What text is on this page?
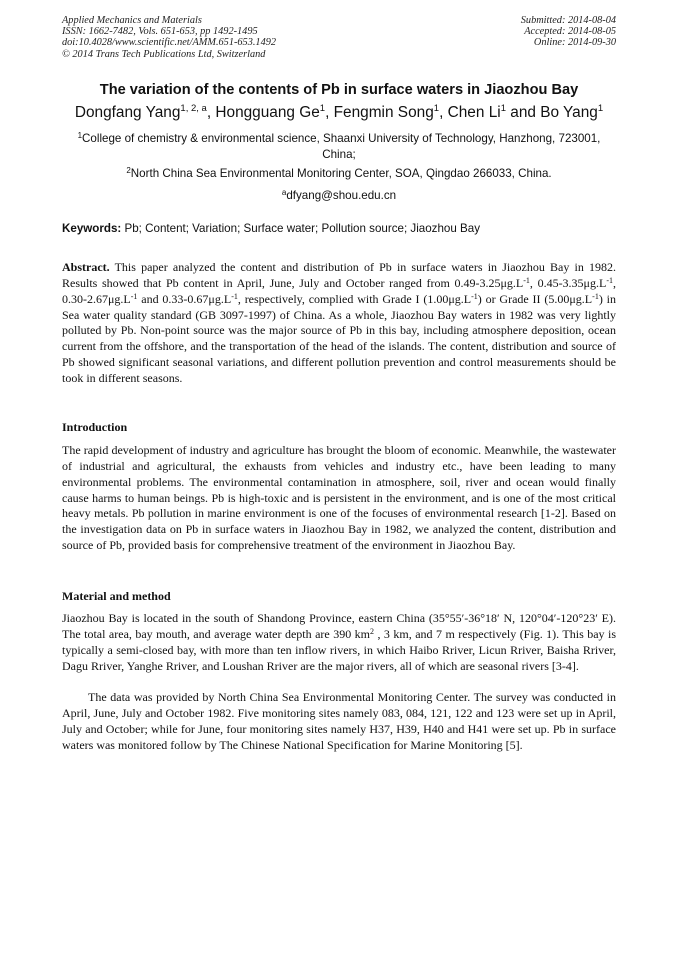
Applied Mechanics and Materials
ISSN: 1662-7482, Vols. 651-653, pp 1492-1495
doi:10.4028/www.scientific.net/AMM.651-653.1492
© 2014 Trans Tech Publications Ltd, Switzerland
Submitted: 2014-08-04
Accepted: 2014-08-05
Online: 2014-09-30
The variation of the contents of Pb in surface waters in Jiaozhou Bay
Dongfang Yang$^{1, 2, a}$, Hongguang Ge$^1$, Fengmin Song$^1$, Chen Li$^1$ and Bo Yang$^1$
$^1$College of chemistry & environmental science, Shaanxi University of Technology, Hanzhong, 723001, China;
$^2$North China Sea Environmental Monitoring Center, SOA, Qingdao 266033, China.
$^a$dfyang@shou.edu.cn
Keywords: Pb; Content; Variation; Surface water; Pollution source; Jiaozhou Bay

Abstract. This paper analyzed the content and distribution of Pb in surface waters in Jiaozhou Bay in 1982. Results showed that Pb content in April, June, July and October ranged from $0.49-3.25\mu g.L^{-1}$, $0.45-3.35\mu g.L^{-1}$, $0.30-2.67\mu g.L^{-1}$ and $0.33-0.67\mu g.L^{-1}$, respectively, complied with Grade I $(1.00\mu g.L^{-1})$ or Grade II $(5.00\mu g.L^{-1})$ in Sea water quality standard (GB 3097-1997) of China. As a whole, Jiaozhou Bay waters in 1982 was very lightly polluted by Pb. Non-point source was the major source of Pb in this bay, including atmosphere deposition, ocean current from the offshore, and the transportation of the head of the islands. The content, distribution and source of Pb showed significant seasonal variations, and different pollution prevention and control measurements should be took in different seasons.

Introduction

The rapid development of industry and agriculture has brought the bloom of economic. Meanwhile, the wastewater of industrial and agricultural, the exhausts from vehicles and industry etc., have been leading to many environmental problems. The environmental contamination in atmosphere, soil, river and ocean would finally cause harms to human beings. Pb is high-toxic and is persistent in the environment, and is one of the most critical heavy metals. Pb pollution in marine environment is one of the focuses of environmental research [1-2]. Based on the investigation data on Pb in surface waters in Jiaozhou Bay in 1982, we analyzed the content, distribution and source of Pb, provided basis for comprehensive treatment of the environment in Jiaozhou Bay.

Material and method

Jiaozhou Bay is located in the south of Shandong Province, eastern China (35°55′-36°18′ N, 120°04′-120°23′ E). The total area, bay mouth, and average water depth are 390 $km^2$ , 3 km, and 7 m respectively (Fig. 1). This bay is typically a semi-closed bay, with more than ten inflow rivers, in which Haibo Rriver, Licun Rriver, Baisha Rriver, Dagu Rriver, Yanghe Rriver, and Loushan Rriver are the major rivers, all of which are seasonal rivers [3-4].

The data was provided by North China Sea Environmental Monitoring Center. The survey was conducted in April, June, July and October 1982. Five monitoring sites namely 083, 084, 121, 122 and 123 were set up in April, July and October; while for June, four monitoring sites namely H37, H39, H40 and H41 were set up. Pb in surface waters was monitored follow by The Chinese National Specification for Marine Monitoring [5].
